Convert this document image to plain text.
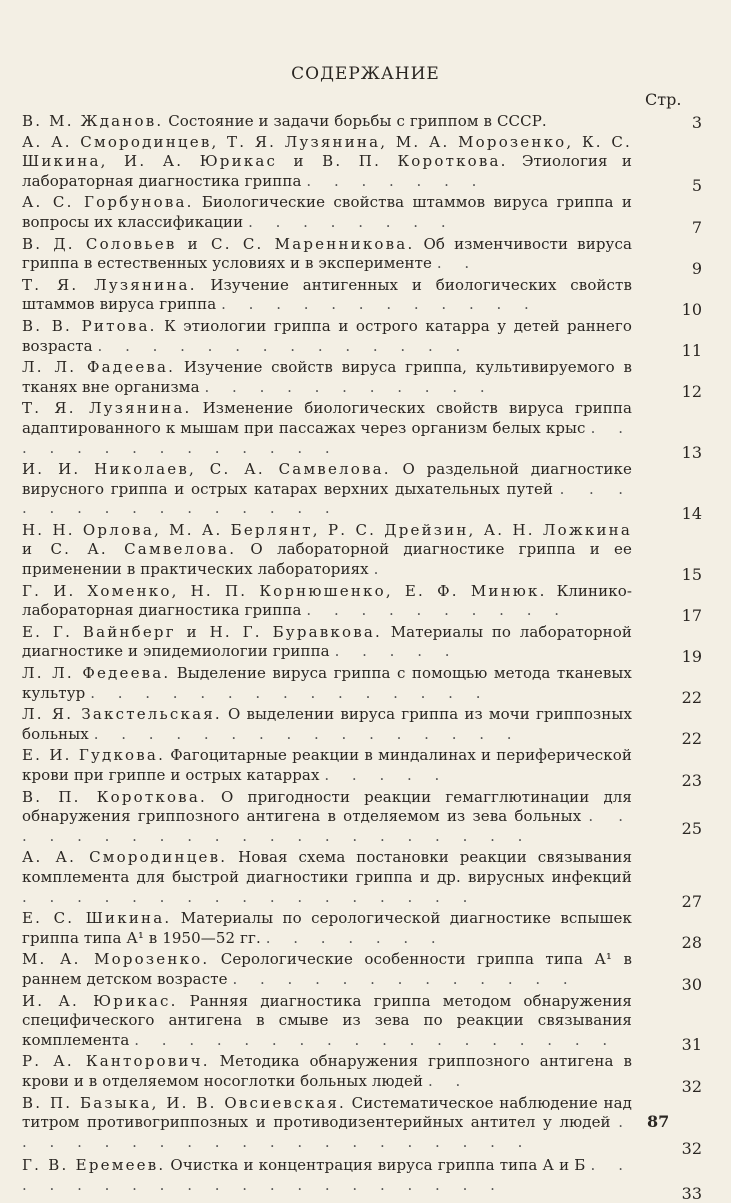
СОДЕРЖАНИЕ
Стр.
В. М. Жданов. Состояние и задачи борьбы с гриппом в СССР.	3
А. А. Смородинцев, Т. Я. Лузянина, М. А. Морозенко, К. С. Шикина, И. А. Юрикас и В. П. Короткова. Этиология и лабораторная диагностика гриппа . . . . . . .	5
А. С. Горбунова. Биологические свойства штаммов вируса гриппа и вопросы их классификации . . . . . . . .	7
В. Д. Соловьев и С. С. Маренникова. Об изменчивости вируса гриппа в естественных условиях и в эксперименте . .	9
Т. Я. Лузянина. Изучение антигенных и биологических свойств штаммов вируса гриппа . . . . . . . . . . . .	10
В. В. Ритова. К этиологии гриппа и острого катарра у детей раннего возраста . . . . . . . . . . . . . .	11
Л. Л. Фадеева. Изучение свойств вируса гриппа, культивируемого в тканях вне организма . . . . . . . . . . .	12
Т. Я. Лузянина. Изменение биологических свойств вируса гриппа адаптированного к мышам при пассажах через организм белых крыс . . . . . . . . . . . . . .	13
И. И. Николаев, С. А. Самвелова. О раздельной диагностике вирусного гриппа и острых катарах верхних дыхательных путей . . . . . . . . . . . . . . .	14
Н. Н. Орлова, М. А. Берлянт, Р. С. Дрейзин, А. Н. Ложкина и С. А. Самвелова. О лабораторной диагностике гриппа и ее применении в практических лабораториях .	15
Г. И. Хоменко, Н. П. Корнюшенко, Е. Ф. Минюк. Клинико-лабораторная диагностика гриппа . . . . . . . . . .	17
Е. Г. Вайнберг и Н. Г. Буравкова. Материалы по лабораторной диагностике и эпидемиологии гриппа . . . . .	19
Л. Л. Федеева. Выделение вируса гриппа с помощью метода тканевых культур . . . . . . . . . . . . . . .	22
Л. Я. Закстельская. О выделении вируса гриппа из мочи гриппозных больных . . . . . . . . . . . . . . . .	22
Е. И. Гудкова. Фагоцитарные реакции в миндалинах и периферической крови при гриппе и острых катаррах . . . . .	23
В. П. Короткова. О пригодности реакции гемагглютинации для обнаружения гриппозного антигена в отделяемом из зева больных . . . . . . . . . . . . . . . . . . . . .	25
А. А. Смородинцев. Новая схема постановки реакции связывания комплемента для быстрой диагностики гриппа и др. вирусных инфекций . . . . . . . . . . . . . . . . .	27
Е. С. Шикина. Материалы по серологической диагностике вспышек гриппа типа А¹ в 1950—52 гг. . . . . . . .	28
М. А. Морозенко. Серологические особенности гриппа типа А¹ в раннем детском возрасте . . . . . . . . . . . . .	30
И. А. Юрикас. Ранняя диагностика гриппа методом обнаружения специфического антигена в смыве из зева по реакции связывания комплемента . . . . . . . . . . . . . . . . . .	31
Р. А. Канторович. Методика обнаружения гриппозного антигена в крови и в отделяемом носоглотки больных людей . .	32
В. П. Базыка, И. В. Овсиевская. Систематическое наблюдение над титром противогриппозных и противодизентерийных антител у людей . . . . . . . . . . . . . . . . . . . .	32
Г. В. Еремеев. Очистка и концентрация вируса гриппа типа А и Б . . . . . . . . . . . . . . . . . . . .	33
87
